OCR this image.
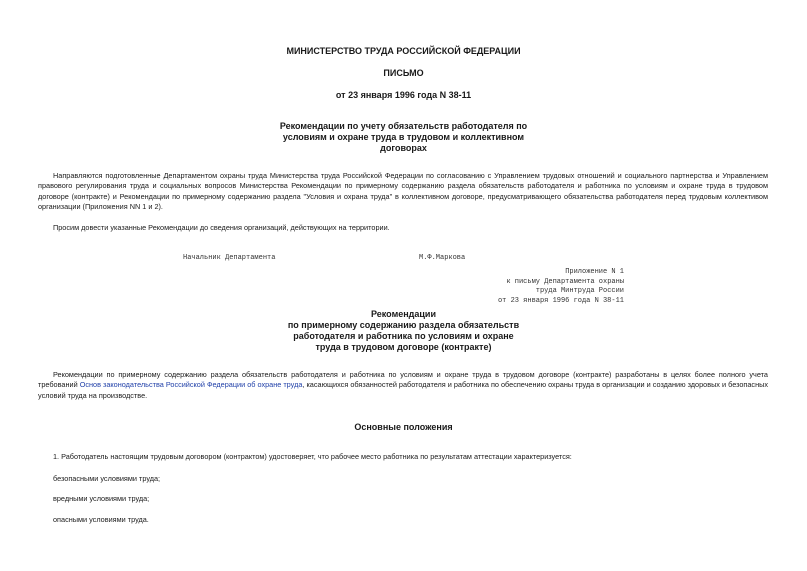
МИНИСТЕРСТВО ТРУДА РОССИЙСКОЙ ФЕДЕРАЦИИ
ПИСЬМО
от 23 января 1996 года N 38-11
Рекомендации по учету обязательств работодателя по условиям и охране труда в трудовом и коллективном договорах
Направляются подготовленные Департаментом охраны труда Министерства труда Российской Федерации по согласованию с Управлением трудовых отношений и социального партнерства и Управлением правового регулирования труда и социальных вопросов Министерства Рекомендации по примерному содержанию раздела обязательств работодателя и работника по условиям и охране труда в трудовом договоре (контракте) и Рекомендации по примерному содержанию раздела "Условия и охрана труда" в коллективном договоре, предусматривающего обязательства работодателя перед трудовым коллективом организации (Приложения NN 1 и 2).
Просим довести указанные Рекомендации до сведения организаций, действующих на территории.
Начальник Департамента	М.Ф.Маркова
Приложение N 1
к письму Департамента охраны
труда Минтруда России
от 23 января 1996 года N 38-11
Рекомендации
по примерному содержанию раздела обязательств
работодателя и работника по условиям и охране
труда в трудовом договоре (контракте)
Рекомендации по примерному содержанию раздела обязательств работодателя и работника по условиям и охране труда в трудовом договоре (контракте) разработаны в целях более полного учета требований Основ законодательства Российской Федерации об охране труда, касающихся обязанностей работодателя и работника по обеспечению охраны труда в организации и созданию здоровых и безопасных условий труда на производстве.
Основные положения
1. Работодатель настоящим трудовым договором (контрактом) удостоверяет, что рабочее место работника по результатам аттестации характеризуется:
безопасными условиями труда;
вредными условиями труда;
опасными условиями труда.
